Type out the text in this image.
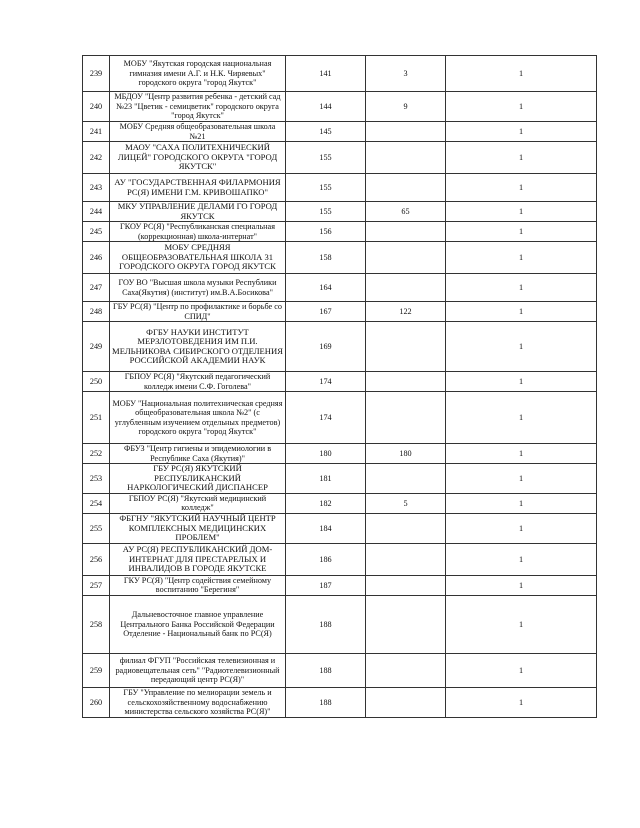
239	МОБУ "Якутская городская национальная гимназия имени А.Г. и Н.К. Чиряевых" городского округа "город Якутск"	141	3	1
240	МБДОУ "Центр развития ребенка - детский сад №23 "Цветик - семицветик" городского округа "город Якутск"	144	9	1
241	МОБУ Средняя общеобразовательная школа №21	145		1
242	МАОУ "САХА ПОЛИТЕХНИЧЕСКИЙ ЛИЦЕЙ" ГОРОДСКОГО ОКРУГА "ГОРОД ЯКУТСК"	155		1
243	АУ "ГОСУДАРСТВЕННАЯ ФИЛАРМОНИЯ РС(Я) ИМЕНИ Г.М. КРИВОШАПКО"	155		1
244	МКУ УПРАВЛЕНИЕ ДЕЛАМИ ГО ГОРОД ЯКУТСК	155	65	1
245	ГКОУ РС(Я) "Республиканская специальная (коррекционная) школа-интернат"	156		1
246	МОБУ СРЕДНЯЯ ОБЩЕОБРАЗОВАТЕЛЬНАЯ ШКОЛА 31 ГОРОДСКОГО ОКРУГА ГОРОД ЯКУТСК	158		1
247	ГОУ ВО "Высшая школа музыки Республики Саха(Якутия) (институт) им.В.А.Босикова"	164		1
248	ГБУ РС(Я) "Центр по профилактике и борьбе со СПИД"	167	122	1
249	ФГБУ НАУКИ ИНСТИТУТ МЕРЗЛОТОВЕДЕНИЯ ИМ П.И. МЕЛЬНИКОВА СИБИРСКОГО ОТДЕЛЕНИЯ РОССИЙСКОЙ АКАДЕМИИ НАУК	169		1
250	ГБПОУ РС(Я) "Якутский педагогический колледж имени С.Ф. Гоголева"	174		1
251	МОБУ "Национальная политехническая средняя общеобразовательная школа №2" (с углубленным изучением отдельных предметов) городского округа "город Якутск"	174		1
252	ФБУЗ "Центр гигиены и эпидемиологии в Республике Саха (Якутия)"	180	180	1
253	ГБУ РС(Я) ЯКУТСКИЙ РЕСПУБЛИКАНСКИЙ НАРКОЛОГИЧЕСКИЙ ДИСПАНСЕР	181		1
254	ГБПОУ РС(Я) "Якутский медицинский колледж"	182	5	1
255	ФБГНУ "ЯКУТСКИЙ НАУЧНЫЙ ЦЕНТР КОМПЛЕКСНЫХ МЕДИЦИНСКИХ ПРОБЛЕМ"	184		1
256	АУ РС(Я) РЕСПУБЛИКАНСКИЙ ДОМ-ИНТЕРНАТ ДЛЯ ПРЕСТАРЕЛЫХ И ИНВАЛИДОВ В ГОРОДЕ ЯКУТСКЕ	186		1
257	ГКУ РС(Я) "Центр содействия семейному воспитанию "Берегиня"	187		1
258	Дальневосточное главное управление Центрального Банка Российской Федерации Отделение - Национальный банк по РС(Я)	188		1
259	филиал ФГУП "Российская телевизионная и радиовещательная сеть" "Радиотелевизионный передающий центр РС(Я)"	188		1
260	ГБУ "Управление по мелиорации земель и сельскохозяйственному водоснабжению министерства сельского хозяйства РС(Я)"	188		1
